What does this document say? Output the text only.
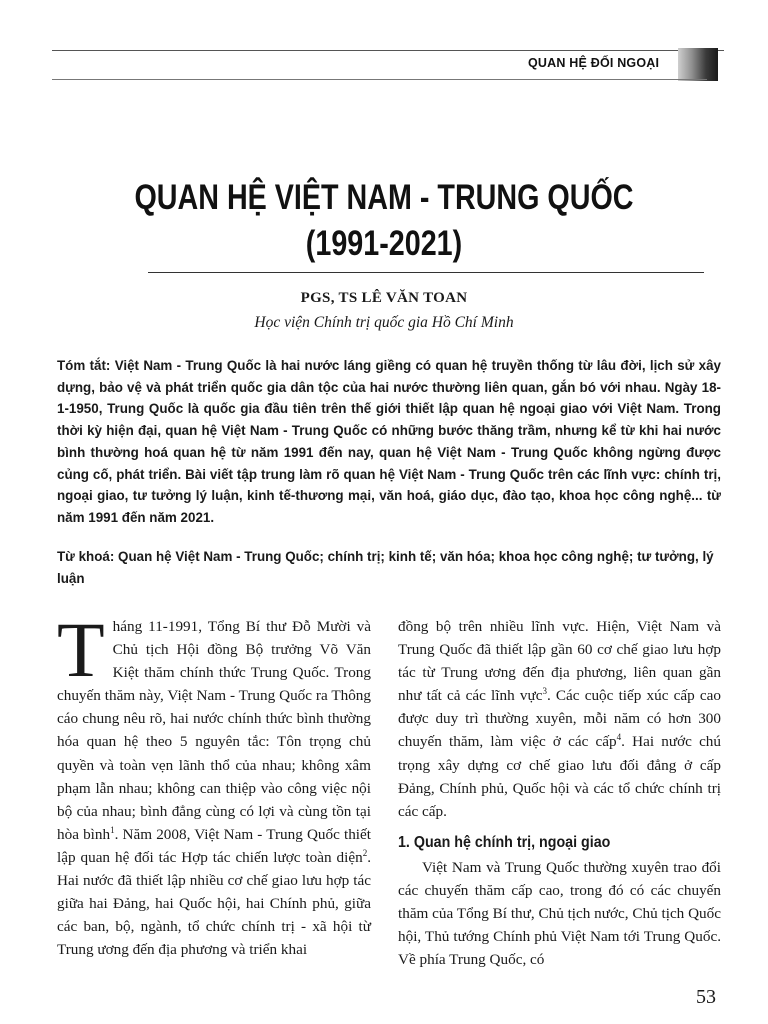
QUAN HỆ ĐỐI NGOẠI
QUAN HỆ VIỆT NAM - TRUNG QUỐC
(1991-2021)
PGS, TS LÊ VĂN TOAN
Học viện Chính trị quốc gia Hồ Chí Minh
Tóm tắt: Việt Nam - Trung Quốc là hai nước láng giềng có quan hệ truyền thống từ lâu đời, lịch sử xây dựng, bảo vệ và phát triển quốc gia dân tộc của hai nước thường liên quan, gắn bó với nhau. Ngày 18-1-1950, Trung Quốc là quốc gia đầu tiên trên thế giới thiết lập quan hệ ngoại giao với Việt Nam. Trong thời kỳ hiện đại, quan hệ Việt Nam - Trung Quốc có những bước thăng trầm, nhưng kể từ khi hai nước bình thường hoá quan hệ từ năm 1991 đến nay, quan hệ Việt Nam - Trung Quốc không ngừng được củng cố, phát triển. Bài viết tập trung làm rõ quan hệ Việt Nam - Trung Quốc trên các lĩnh vực: chính trị, ngoại giao, tư tưởng lý luận, kinh tế-thương mại, văn hoá, giáo dục, đào tạo, khoa học công nghệ... từ năm 1991 đến năm 2021.
Từ khoá: Quan hệ Việt Nam - Trung Quốc; chính trị; kinh tế; văn hóa; khoa học công nghệ; tư tưởng, lý luận

Tháng 11-1991, Tổng Bí thư Đỗ Mười và Chủ tịch Hội đồng Bộ trưởng Võ Văn Kiệt thăm chính thức Trung Quốc. Trong chuyến thăm này, Việt Nam - Trung Quốc ra Thông cáo chung nêu rõ, hai nước chính thức bình thường hóa quan hệ theo 5 nguyên tắc: Tôn trọng chủ quyền và toàn vẹn lãnh thổ của nhau; không xâm phạm lẫn nhau; không can thiệp vào công việc nội bộ của nhau; bình đẳng cùng có lợi và cùng tồn tại hòa bình$^1$. Năm 2008, Việt Nam - Trung Quốc thiết lập quan hệ đối tác Hợp tác chiến lược toàn diện$^2$. Hai nước đã thiết lập nhiều cơ chế giao lưu hợp tác giữa hai Đảng, hai Quốc hội, hai Chính phủ, giữa các ban, bộ, ngành, tổ chức chính trị - xã hội từ Trung ương đến địa phương và triển khai

đồng bộ trên nhiều lĩnh vực. Hiện, Việt Nam và Trung Quốc đã thiết lập gần 60 cơ chế giao lưu hợp tác từ Trung ương đến địa phương, liên quan gần như tất cả các lĩnh vực$^3$. Các cuộc tiếp xúc cấp cao được duy trì thường xuyên, mỗi năm có hơn 300 chuyến thăm, làm việc ở các cấp$^4$. Hai nước chú trọng xây dựng cơ chế giao lưu đối đẳng ở cấp Đảng, Chính phủ, Quốc hội và các tổ chức chính trị các cấp.

1. Quan hệ chính trị, ngoại giao

Việt Nam và Trung Quốc thường xuyên trao đổi các chuyến thăm cấp cao, trong đó có các chuyến thăm của Tổng Bí thư, Chủ tịch nước, Chủ tịch Quốc hội, Thủ tướng Chính phủ Việt Nam tới Trung Quốc. Về phía Trung Quốc, có

53
